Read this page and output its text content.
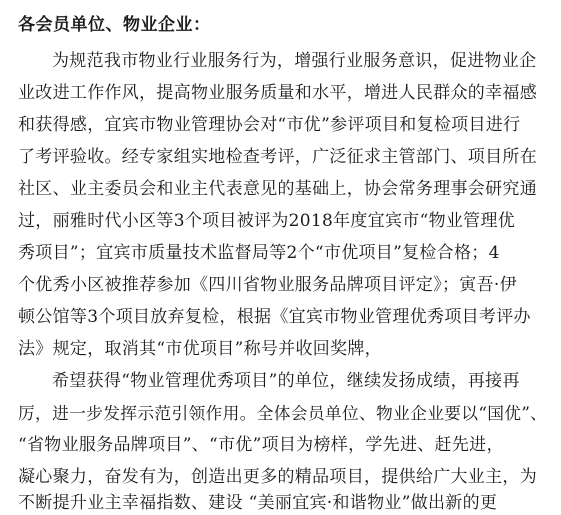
各会员单位、物业企业：
为规范我市物业行业服务行为，增强行业服务意识，促进物业企
业改进工作作风，提高物业服务质量和水平，增进人民群众的幸福感
和获得感，宜宾市物业管理协会对“市优”参评项目和复检项目进行
了考评验收。经专家组实地检查考评，广泛征求主管部门、项目所在
社区、业主委员会和业主代表意见的基础上，协会常务理事会研究通
过，丽雅时代小区等3个项目被评为2018年度宜宾市“物业管理优
秀项目”；宜宾市质量技术监督局等2个“市优项目”复检合格；4
个优秀小区被推荐参加《四川省物业服务品牌项目评定》；寅吾·伊
顿公馆等3个项目放弃复检，根据《宜宾市物业管理优秀项目考评办
法》规定，取消其“市优项目”称号并收回奖牌，
希望获得“物业管理优秀项目”的单位，继续发扬成绩，再接再
厉，进一步发挥示范引领作用。全体会员单位、物业企业要以“国优”、
“省物业服务品牌项目”、“市优”项目为榜样，学先进、赶先进，
凝心聚力，奋发有为，创造出更多的精品项目，提供给广大业主，为
不断提升业主幸福指数、建设 “美丽宜宾·和谐物业”做出新的更
